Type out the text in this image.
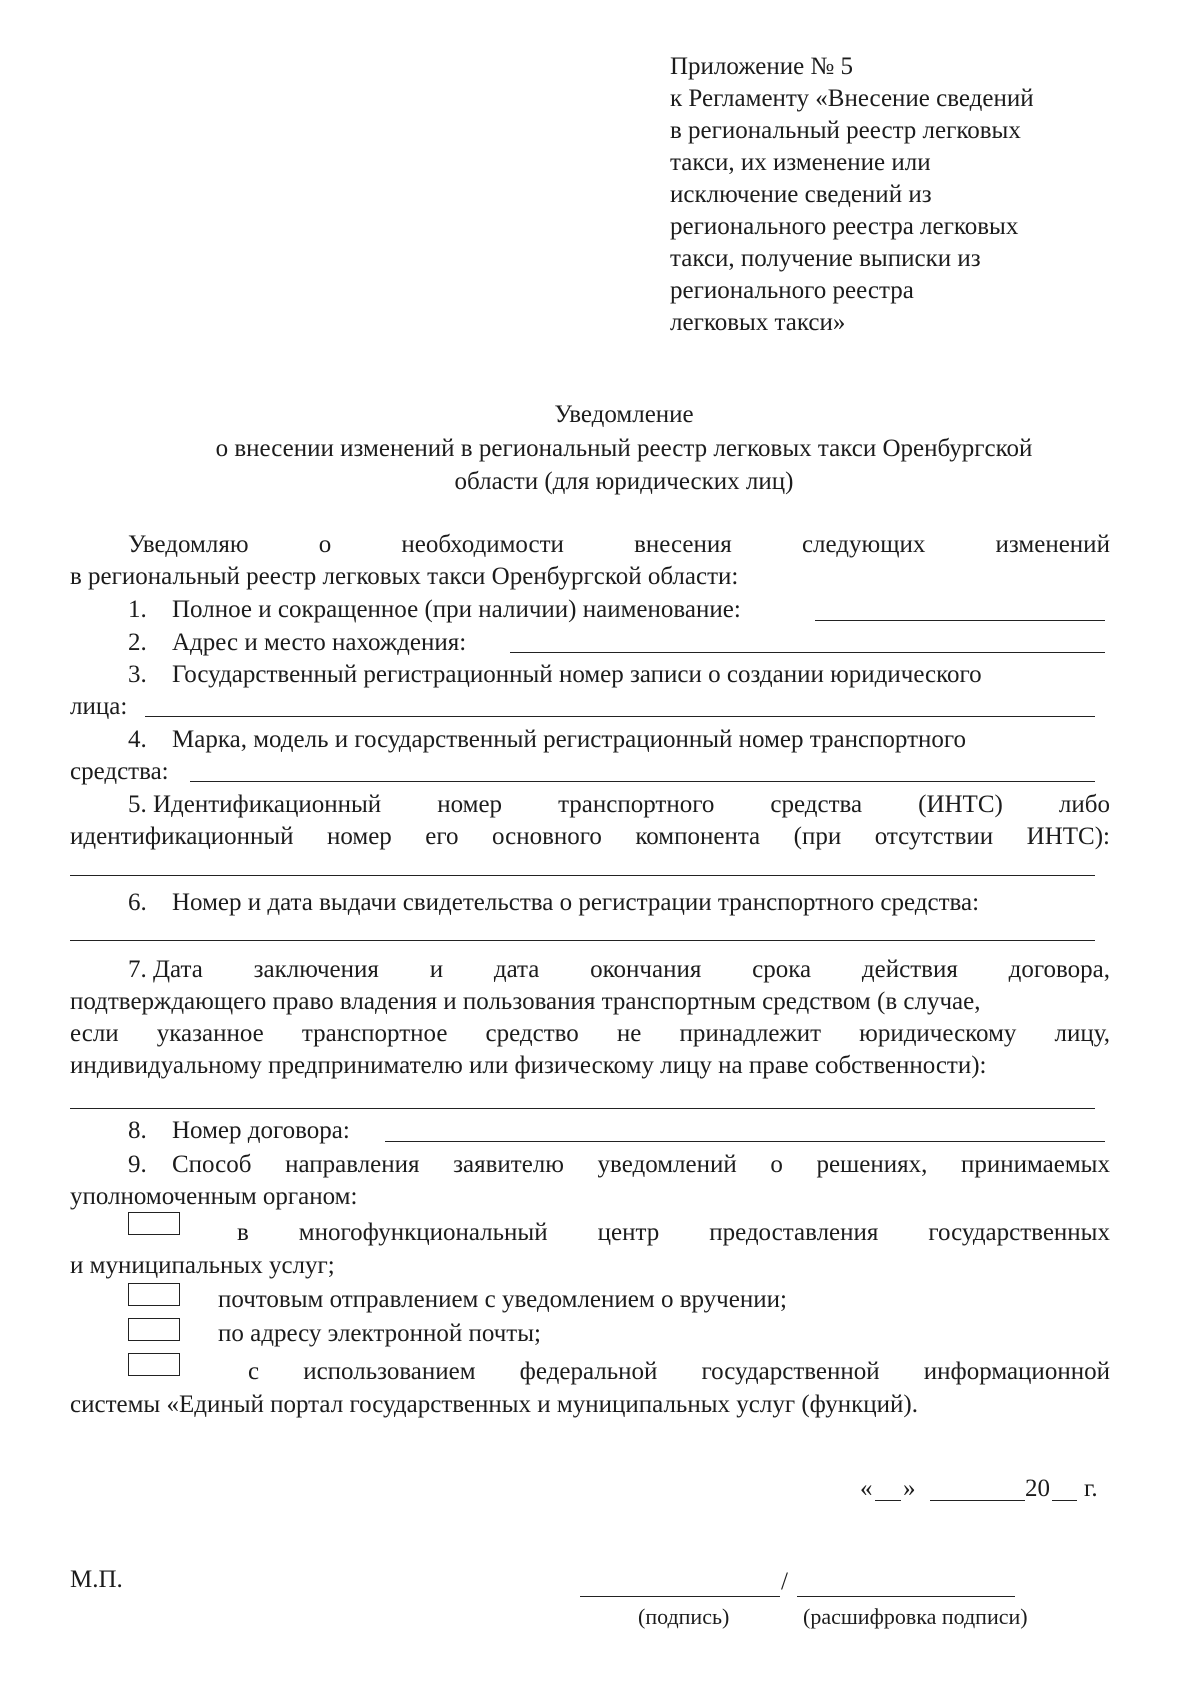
Приложение № 5
к Регламенту «Внесение сведений
в региональный реестр легковых
такси, их изменение или
исключение сведений из
регионального реестра легковых
такси, получение выписки из
регионального реестра
легковых такси»
Уведомление
о внесении изменений в региональный реестр легковых такси Оренбургской
области (для юридических лиц)
Уведомляю	о	необходимости	внесения	следующих	изменений
в региональный реестр легковых такси Оренбургской области:
1. Полное и сокращенное (при наличии) наименование:
2. Адрес и место нахождения:
3. Государственный регистрационный номер записи о создании юридического
лица:
4. Марка, модель и государственный регистрационный номер транспортного
средства:
5. Идентификационный номер транспортного средства (ИНТС) либо
идентификационный номер его основного компонента (при отсутствии ИНТС):
6. Номер и дата выдачи свидетельства о регистрации транспортного средства:
7. Дата заключения и дата окончания срока действия договора,
подтверждающего право владения и пользования транспортным средством (в случае,
если указанное транспортное средство не принадлежит юридическому лицу,
индивидуальному предпринимателю или физическому лицу на праве собственности):
8. Номер договора:
9. Способ направления заявителю уведомлений о решениях, принимаемых
уполномоченным органом:
в многофункциональный центр предоставления государственных
и муниципальных услуг;
почтовым отправлением с уведомлением о вручении;
по адресу электронной почты;
с использованием федеральной государственной информационной
системы «Единый портал государственных и муниципальных услуг (функций).
« »	20 г.
М.П.	/
(подпись)	(расшифровка подписи)
